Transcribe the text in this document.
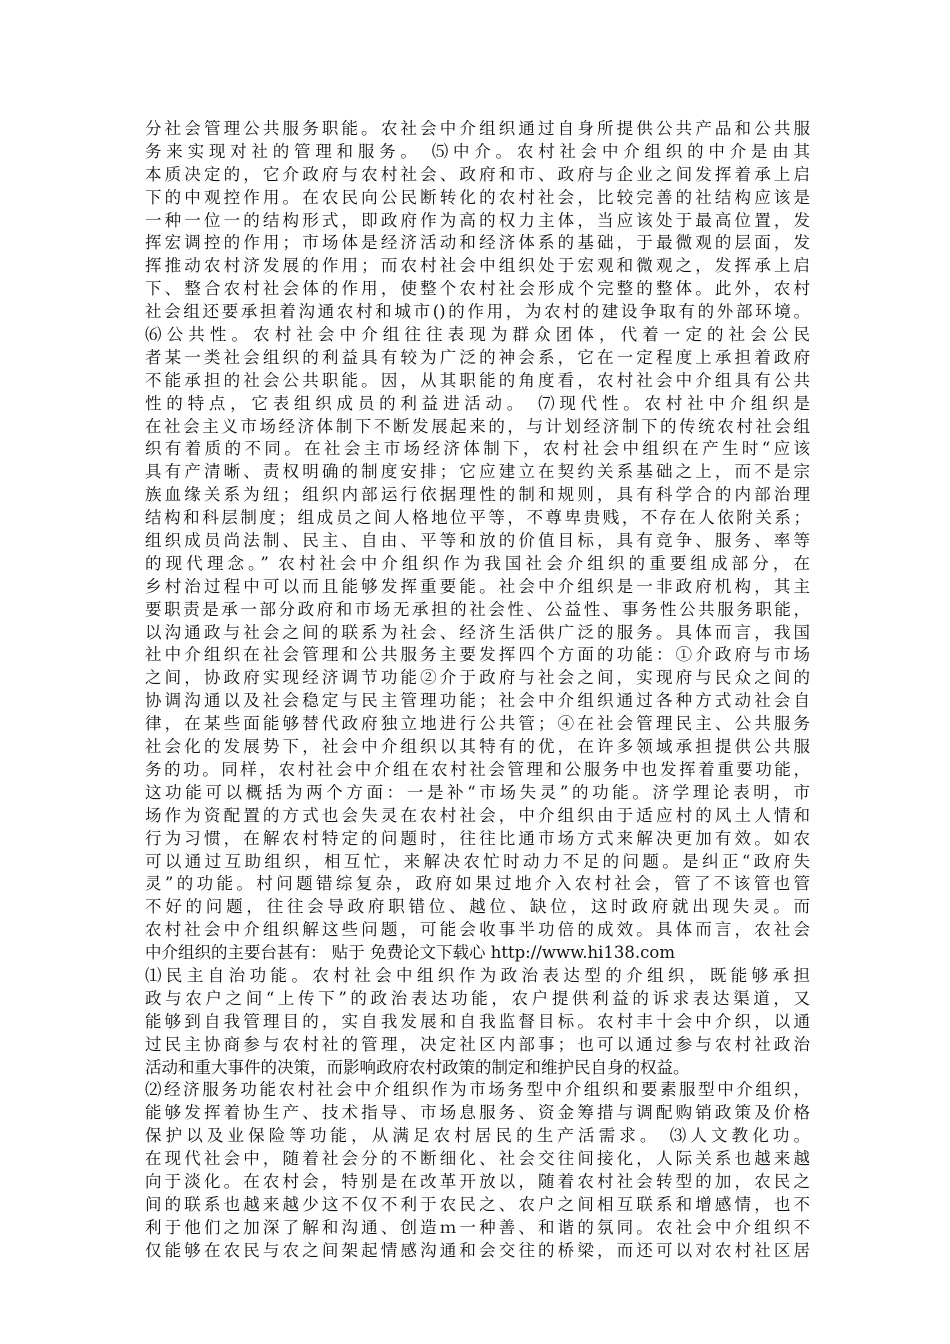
分社会管理公共服务职能。农社会中介组织通过自身所提供公共产品和公共服
务来实现对社的管理和服务。 ⑸中介。农村社会中介组织的中介是由其
本质决定的，它介政府与农村社会、政府和市、政府与企业之间发挥着承上启
下的中观控作用。在农民向公民断转化的农村社会，比较完善的社结构应该是
一种一位一的结构形式，即政府作为高的权力主体，当应该处于最高位置，发
挥宏调控的作用；市场体是经济活动和经济体系的基础，于最微观的层面，发
挥推动农村济发展的作用；而农村社会中组织处于宏观和微观之，发挥承上启
下、整合农村社会体的作用，使整个农村社会形成个完整的整体。此外，农村
社会组还要承担着沟通农村和城市()的作用，为农村的建设争取有的外部环境。
⑹公共性。农村社会中介组往往表现为群众团体，代着一定的社会公民
者某一类社会组织的利益具有较为广泛的神会系，它在一定程度上承担着政府
不能承担的社会公共职能。因，从其职能的角度看，农村社会中介组具有公共
性的特点，它表组织成员的利益进活动。 ⑺现代性。农村社中介组织是
在社会主义市场经济体制下不断发展起来的，与计划经济制下的传统农村社会组
织有着质的不同。在社会主市场经济体制下，农村社会中组织在产生时“应该
具有产清晰、责权明确的制度安排；它应建立在契约关系基础之上，而不是宗
族血缘关系为纽；组织内部运行依据理性的制和规则，具有科学合的内部治理
结构和科层制度；组成员之间人格地位平等，不尊卑贵贱，不存在人依附关系；
组织成员尚法制、民主、自由、平等和放的价值目标，具有竞争、服务、率等
的现代理念。” 农村社会中介组织作为我国社会介组织的重要组成部分，在
乡村治过程中可以而且能够发挥重要能。社会中介组织是一非政府机构，其主
要职责是承一部分政府和市场无承担的社会性、公益性、事务性公共服务职能，
以沟通政与社会之间的联系为社会、经济生活供广泛的服务。具体而言，我国
社中介组织在社会管理和公共服务主要发挥四个方面的功能：①介政府与市场
之间，协政府实现经济调节功能②介于政府与社会之间，实现府与民众之间的
协调沟通以及社会稳定与民主管理功能；社会中介组织通过各种方式动社会自
律，在某些面能够替代政府独立地进行公共管；④在社会管理民主、公共服务
社会化的发展势下，社会中介组织以其特有的优，在许多领域承担提供公共服
务的功。同样，农村社会中介组在农村社会管理和公服务中也发挥着重要功能，
这功能可以概括为两个方面：一是补“市场失灵”的功能。济学理论表明，市
场作为资配置的方式也会失灵在农村社会，中介组织由于适应村的风土人情和
行为习惯，在解农村特定的问题时，往往比通市场方式来解决更加有效。如农
可以通过互助组织，相互忙，来解决农忙时动力不足的问题。是纠正“政府失
灵”的功能。村问题错综复杂，政府如果过地介入农村社会，管了不该管也管
不好的问题，往往会导政府职错位、越位、缺位，这时政府就出现失灵。而
农村社会中介组织解这些问题，可能会收事半功倍的成效。具体而言，农社会
中介组织的主要台甚有： 贴于 免费论文下载心 http://www.hi138.com
⑴民主自治功能。农村社会中组织作为政治表达型的介组织，既能够承担
政与农户之间“上传下”的政治表达功能，农户提供利益的诉求表达渠道，又
能够到自我管理目的，实自我发展和自我监督目标。农村丰十会中介织，以通
过民主协商参与农村社的管理，决定社区内部事；也可以通过参与农村社政治
活动和重大事件的决策，而影响政府农村政策的制定和维护民自身的权益。
⑵经济服务功能农村社会中介组织作为市场务型中介组织和要素服型中介组织，
能够发挥着协生产、技术指导、市场息服务、资金筹措与调配购销政策及价格
保护以及业保险等功能，从满足农村居民的生产活需求。 ⑶人文教化功。
在现代社会中，随着社会分的不断细化、社会交往间接化，人际关系也越来越
向于淡化。在农村会，特别是在改革开放以，随着农村社会转型的加，农民之
间的联系也越来越少这不仅不利于农民之、农户之间相互联系和增感情，也不
利于他们之加深了解和沟通、创造ｍ一种善、和谐的氛同。农社会中介组织不
仅能够在农民与农之间架起情感沟通和会交往的桥梁，而还可以对农村社区居
